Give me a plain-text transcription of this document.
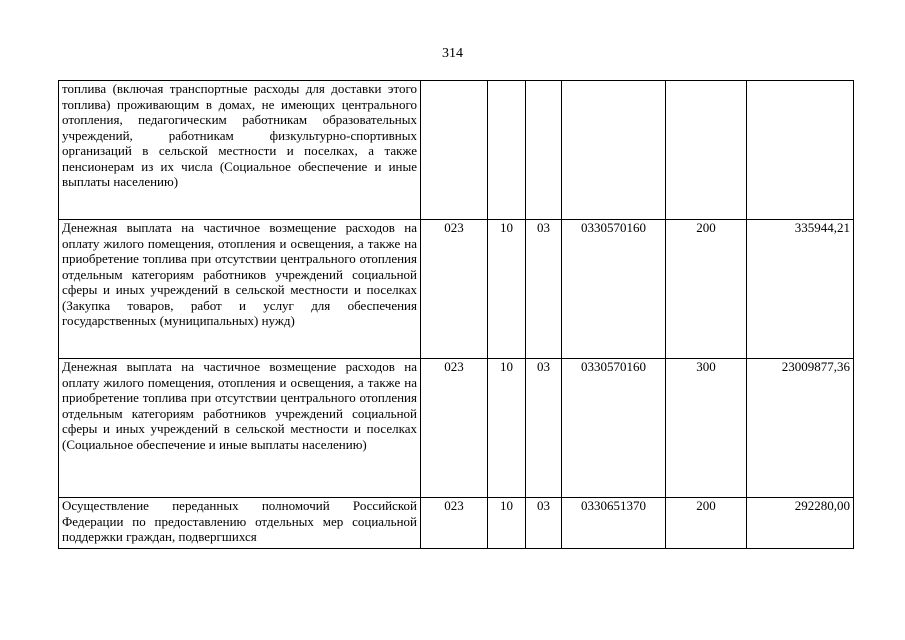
314
топлива (включая транспортные расходы для доставки этого топлива) проживающим в домах, не имеющих центрального отопления, педагогическим работникам образовательных учреждений, работникам физкультурно-спортивных организаций в сельской местности и поселках, а также пенсионерам из их числа (Социальное обеспечение и иные выплаты населению)						
Денежная выплата на частичное возмещение расходов на оплату жилого помещения, отопления и освещения, а также на приобретение топлива при отсутствии центрального отопления отдельным категориям работников учреждений социальной сферы и иных учреждений в сельской местности и поселках (Закупка товаров, работ и услуг для обеспечения государственных (муниципальных) нужд)	023	10	03	0330570160	200	335944,21
Денежная выплата на частичное возмещение расходов на оплату жилого помещения, отопления и освещения, а также на приобретение топлива при отсутствии центрального отопления отдельным категориям работников учреждений социальной сферы и иных учреждений в сельской местности и поселках (Социальное обеспечение и иные выплаты населению)	023	10	03	0330570160	300	23009877,36
Осуществление переданных полномочий Российской Федерации по предоставлению отдельных мер социальной поддержки граждан, подвергшихся	023	10	03	0330651370	200	292280,00
